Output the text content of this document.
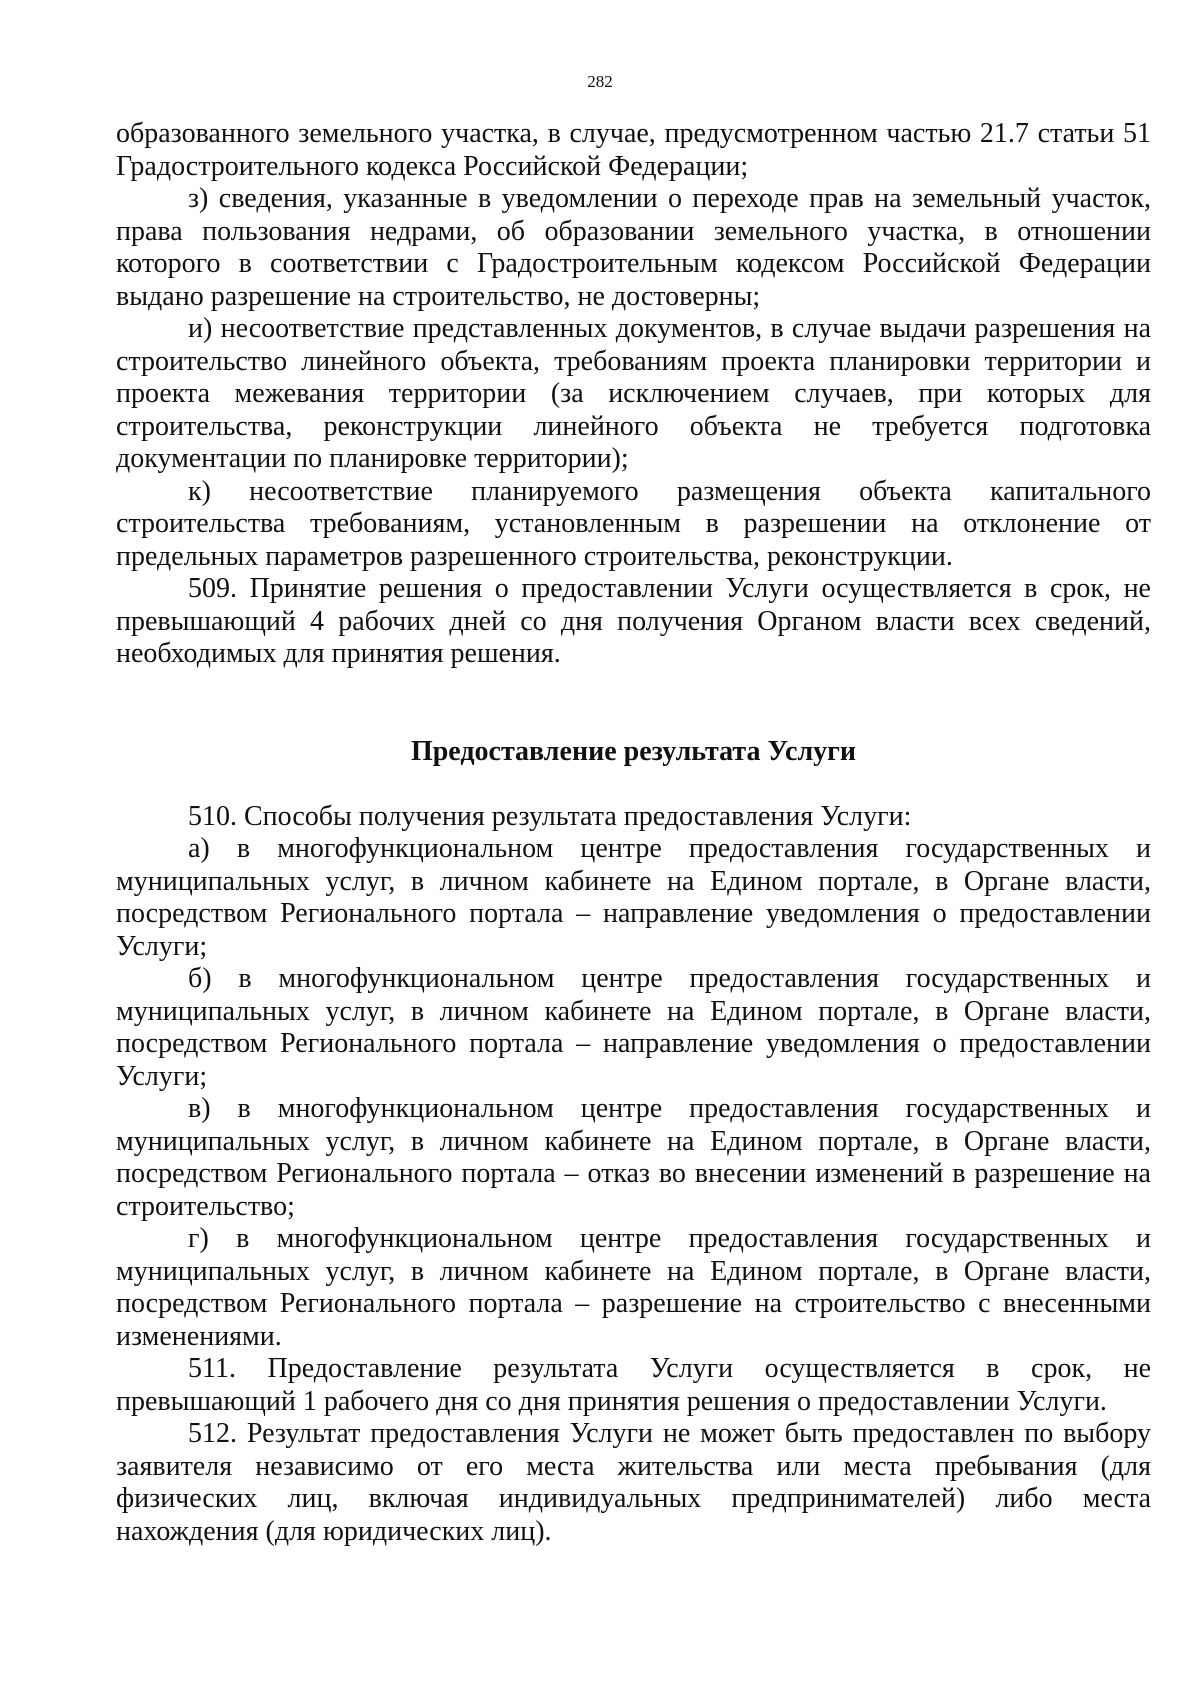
282

образованного земельного участка, в случае, предусмотренном частью 21.7 статьи 51 Градостроительного кодекса Российской Федерации;

з) сведения, указанные в уведомлении о переходе прав на земельный участок, права пользования недрами, об образовании земельного участка, в отношении которого в соответствии с Градостроительным кодексом Российской Федерации выдано разрешение на строительство, не достоверны;

и) несоответствие представленных документов, в случае выдачи разрешения на строительство линейного объекта, требованиям проекта планировки территории и проекта межевания территории (за исключением случаев, при которых для строительства, реконструкции линейного объекта не требуется подготовка документации по планировке территории);

к) несоответствие планируемого размещения объекта капитального строительства требованиям, установленным в разрешении на отклонение от предельных параметров разрешенного строительства, реконструкции.

509. Принятие решения о предоставлении Услуги осуществляется в срок, не превышающий 4 рабочих дней со дня получения Органом власти всех сведений, необходимых для принятия решения.

Предоставление результата Услуги

510. Способы получения результата предоставления Услуги:

а) в многофункциональном центре предоставления государственных и муниципальных услуг, в личном кабинете на Едином портале, в Органе власти, посредством Регионального портала – направление уведомления о предоставлении Услуги;

б) в многофункциональном центре предоставления государственных и муниципальных услуг, в личном кабинете на Едином портале, в Органе власти, посредством Регионального портала – направление уведомления о предоставлении Услуги;

в) в многофункциональном центре предоставления государственных и муниципальных услуг, в личном кабинете на Едином портале, в Органе власти, посредством Регионального портала – отказ во внесении изменений в разрешение на строительство;

г) в многофункциональном центре предоставления государственных и муниципальных услуг, в личном кабинете на Едином портале, в Органе власти, посредством Регионального портала – разрешение на строительство с внесенными изменениями.

511. Предоставление результата Услуги осуществляется в срок, не превышающий 1 рабочего дня со дня принятия решения о предоставлении Услуги.

512. Результат предоставления Услуги не может быть предоставлен по выбору заявителя независимо от его места жительства или места пребывания (для физических лиц, включая индивидуальных предпринимателей) либо места нахождения (для юридических лиц).
